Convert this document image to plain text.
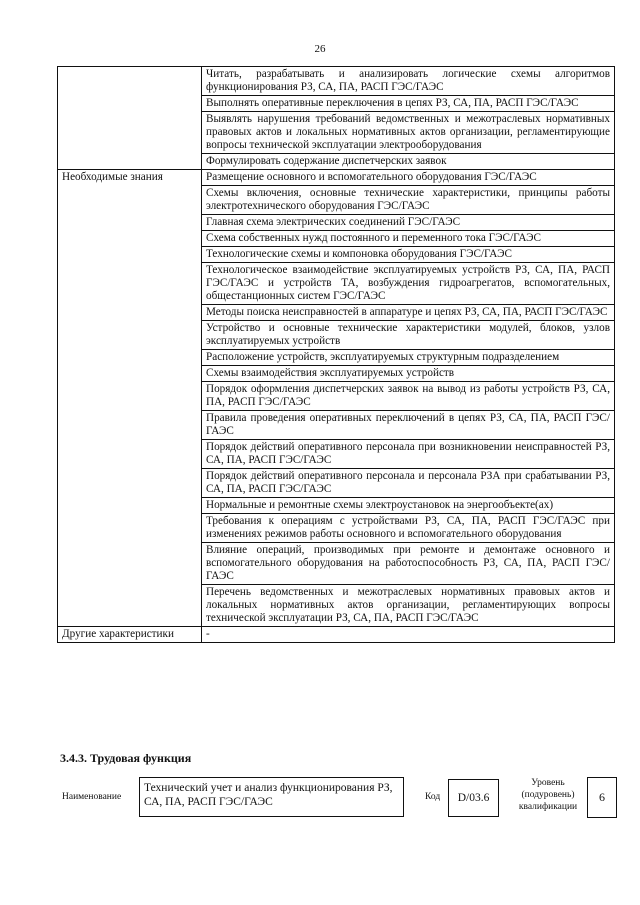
26
	Читать, разрабатывать и анализировать логические схемы алгоритмов функционирования РЗ, СА, ПА, РАСП ГЭС/ГАЭС
	Выполнять оперативные переключения в цепях РЗ, СА, ПА, РАСП ГЭС/ГАЭС
	Выявлять нарушения требований ведомственных и межотраслевых нормативных правовых актов и локальных нормативных актов организации, регламентирующие вопросы технической эксплуатации электрооборудования
	Формулировать содержание диспетчерских заявок
Необходимые знания	Размещение основного и вспомогательного оборудования ГЭС/ГАЭС
	Схемы включения, основные технические характеристики, принципы работы электротехнического оборудования ГЭС/ГАЭС
	Главная схема электрических соединений ГЭС/ГАЭС
	Схема собственных нужд постоянного и переменного тока ГЭС/ГАЭС
	Технологические схемы и компоновка оборудования ГЭС/ГАЭС
	Технологическое взаимодействие эксплуатируемых устройств РЗ, СА, ПА, РАСП ГЭС/ГАЭС и устройств ТА, возбуждения гидроагрегатов, вспомогательных, общестанционных систем ГЭС/ГАЭС
	Методы поиска неисправностей в аппаратуре и цепях РЗ, СА, ПА, РАСП ГЭС/ГАЭС
	Устройство и основные технические характеристики модулей, блоков, узлов эксплуатируемых устройств
	Расположение устройств, эксплуатируемых структурным подразделением
	Схемы взаимодействия эксплуатируемых устройств
	Порядок оформления диспетчерских заявок на вывод из работы устройств РЗ, СА, ПА, РАСП ГЭС/ГАЭС
	Правила проведения оперативных переключений в цепях РЗ, СА, ПА, РАСП ГЭС/ГАЭС
	Порядок действий оперативного персонала при возникновении неисправностей РЗ, СА, ПА, РАСП ГЭС/ГАЭС
	Порядок действий оперативного персонала и персонала РЗА при срабатывании РЗ, СА, ПА, РАСП ГЭС/ГАЭС
	Нормальные и ремонтные схемы электроустановок на энергообъекте(ах)
	Требования к операциям с устройствами РЗ, СА, ПА, РАСП ГЭС/ГАЭС при изменениях режимов работы основного и вспомогательного оборудования
	Влияние операций, производимых при ремонте и демонтаже основного и вспомогательного оборудования на работоспособность РЗ, СА, ПА, РАСП ГЭС/ГАЭС
	Перечень ведомственных и межотраслевых нормативных правовых актов и локальных нормативных актов организации, регламентирующих вопросы технической эксплуатации РЗ, СА, ПА, РАСП ГЭС/ГАЭС
Другие характеристики	-
3.4.3. Трудовая функция
Наименование
Технический учет и анализ функционирования РЗ, СА, ПА, РАСП ГЭС/ГАЭС	Код	D/03.6
Уровень (подуровень) квалификации
6
